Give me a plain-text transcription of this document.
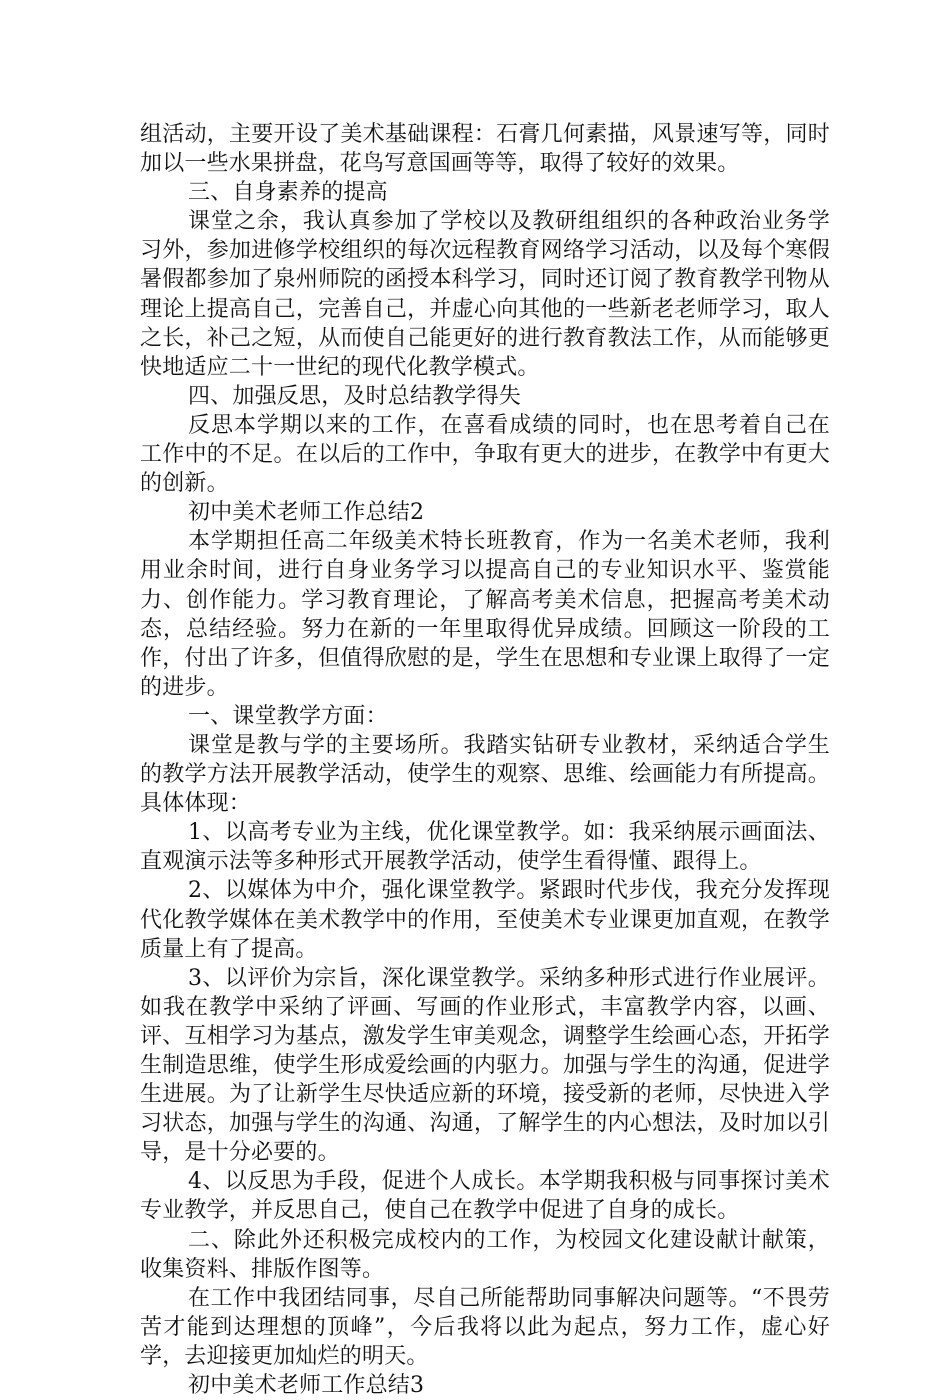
组活动，主要开设了美术基础课程：石膏几何素描，风景速写等，同时加以一些水果拼盘，花鸟写意国画等等，取得了较好的效果。

三、自身素养的提高

课堂之余，我认真参加了学校以及教研组组织的各种政治业务学习外，参加进修学校组织的每次远程教育网络学习活动，以及每个寒假暑假都参加了泉州师院的函授本科学习，同时还订阅了教育教学刊物从理论上提高自己，完善自己，并虚心向其他的一些新老老师学习，取人之长，补己之短，从而使自己能更好的进行教育教法工作，从而能够更快地适应二十一世纪的现代化教学模式。

四、加强反思，及时总结教学得失

反思本学期以来的工作，在喜看成绩的同时，也在思考着自己在工作中的不足。在以后的工作中，争取有更大的进步，在教学中有更大的创新。

初中美术老师工作总结2

本学期担任高二年级美术特长班教育，作为一名美术老师，我利用业余时间，进行自身业务学习以提高自己的专业知识水平、鉴赏能力、创作能力。学习教育理论，了解高考美术信息，把握高考美术动态，总结经验。努力在新的一年里取得优异成绩。回顾这一阶段的工作，付出了许多，但值得欣慰的是，学生在思想和专业课上取得了一定的进步。

一、课堂教学方面：

课堂是教与学的主要场所。我踏实钻研专业教材，采纳适合学生的教学方法开展教学活动，使学生的观察、思维、绘画能力有所提高。具体体现：

1、以高考专业为主线，优化课堂教学。如：我采纳展示画面法、直观演示法等多种形式开展教学活动，使学生看得懂、跟得上。

2、以媒体为中介，强化课堂教学。紧跟时代步伐，我充分发挥现代化教学媒体在美术教学中的作用，至使美术专业课更加直观，在教学质量上有了提高。

3、以评价为宗旨，深化课堂教学。采纳多种形式进行作业展评。如我在教学中采纳了评画、写画的作业形式，丰富教学内容，以画、评、互相学习为基点，激发学生审美观念，调整学生绘画心态，开拓学生制造思维，使学生形成爱绘画的内驱力。加强与学生的沟通，促进学生进展。为了让新学生尽快适应新的环境，接受新的老师，尽快进入学习状态，加强与学生的沟通、沟通，了解学生的内心想法，及时加以引导，是十分必要的。

4、以反思为手段，促进个人成长。本学期我积极与同事探讨美术专业教学，并反思自己，使自己在教学中促进了自身的成长。

二、除此外还积极完成校内的工作，为校园文化建设献计献策，收集资料、排版作图等。

在工作中我团结同事，尽自己所能帮助同事解决问题等。“不畏劳苦才能到达理想的顶峰”，今后我将以此为起点，努力工作，虚心好学，去迎接更加灿烂的明天。

初中美术老师工作总结3
